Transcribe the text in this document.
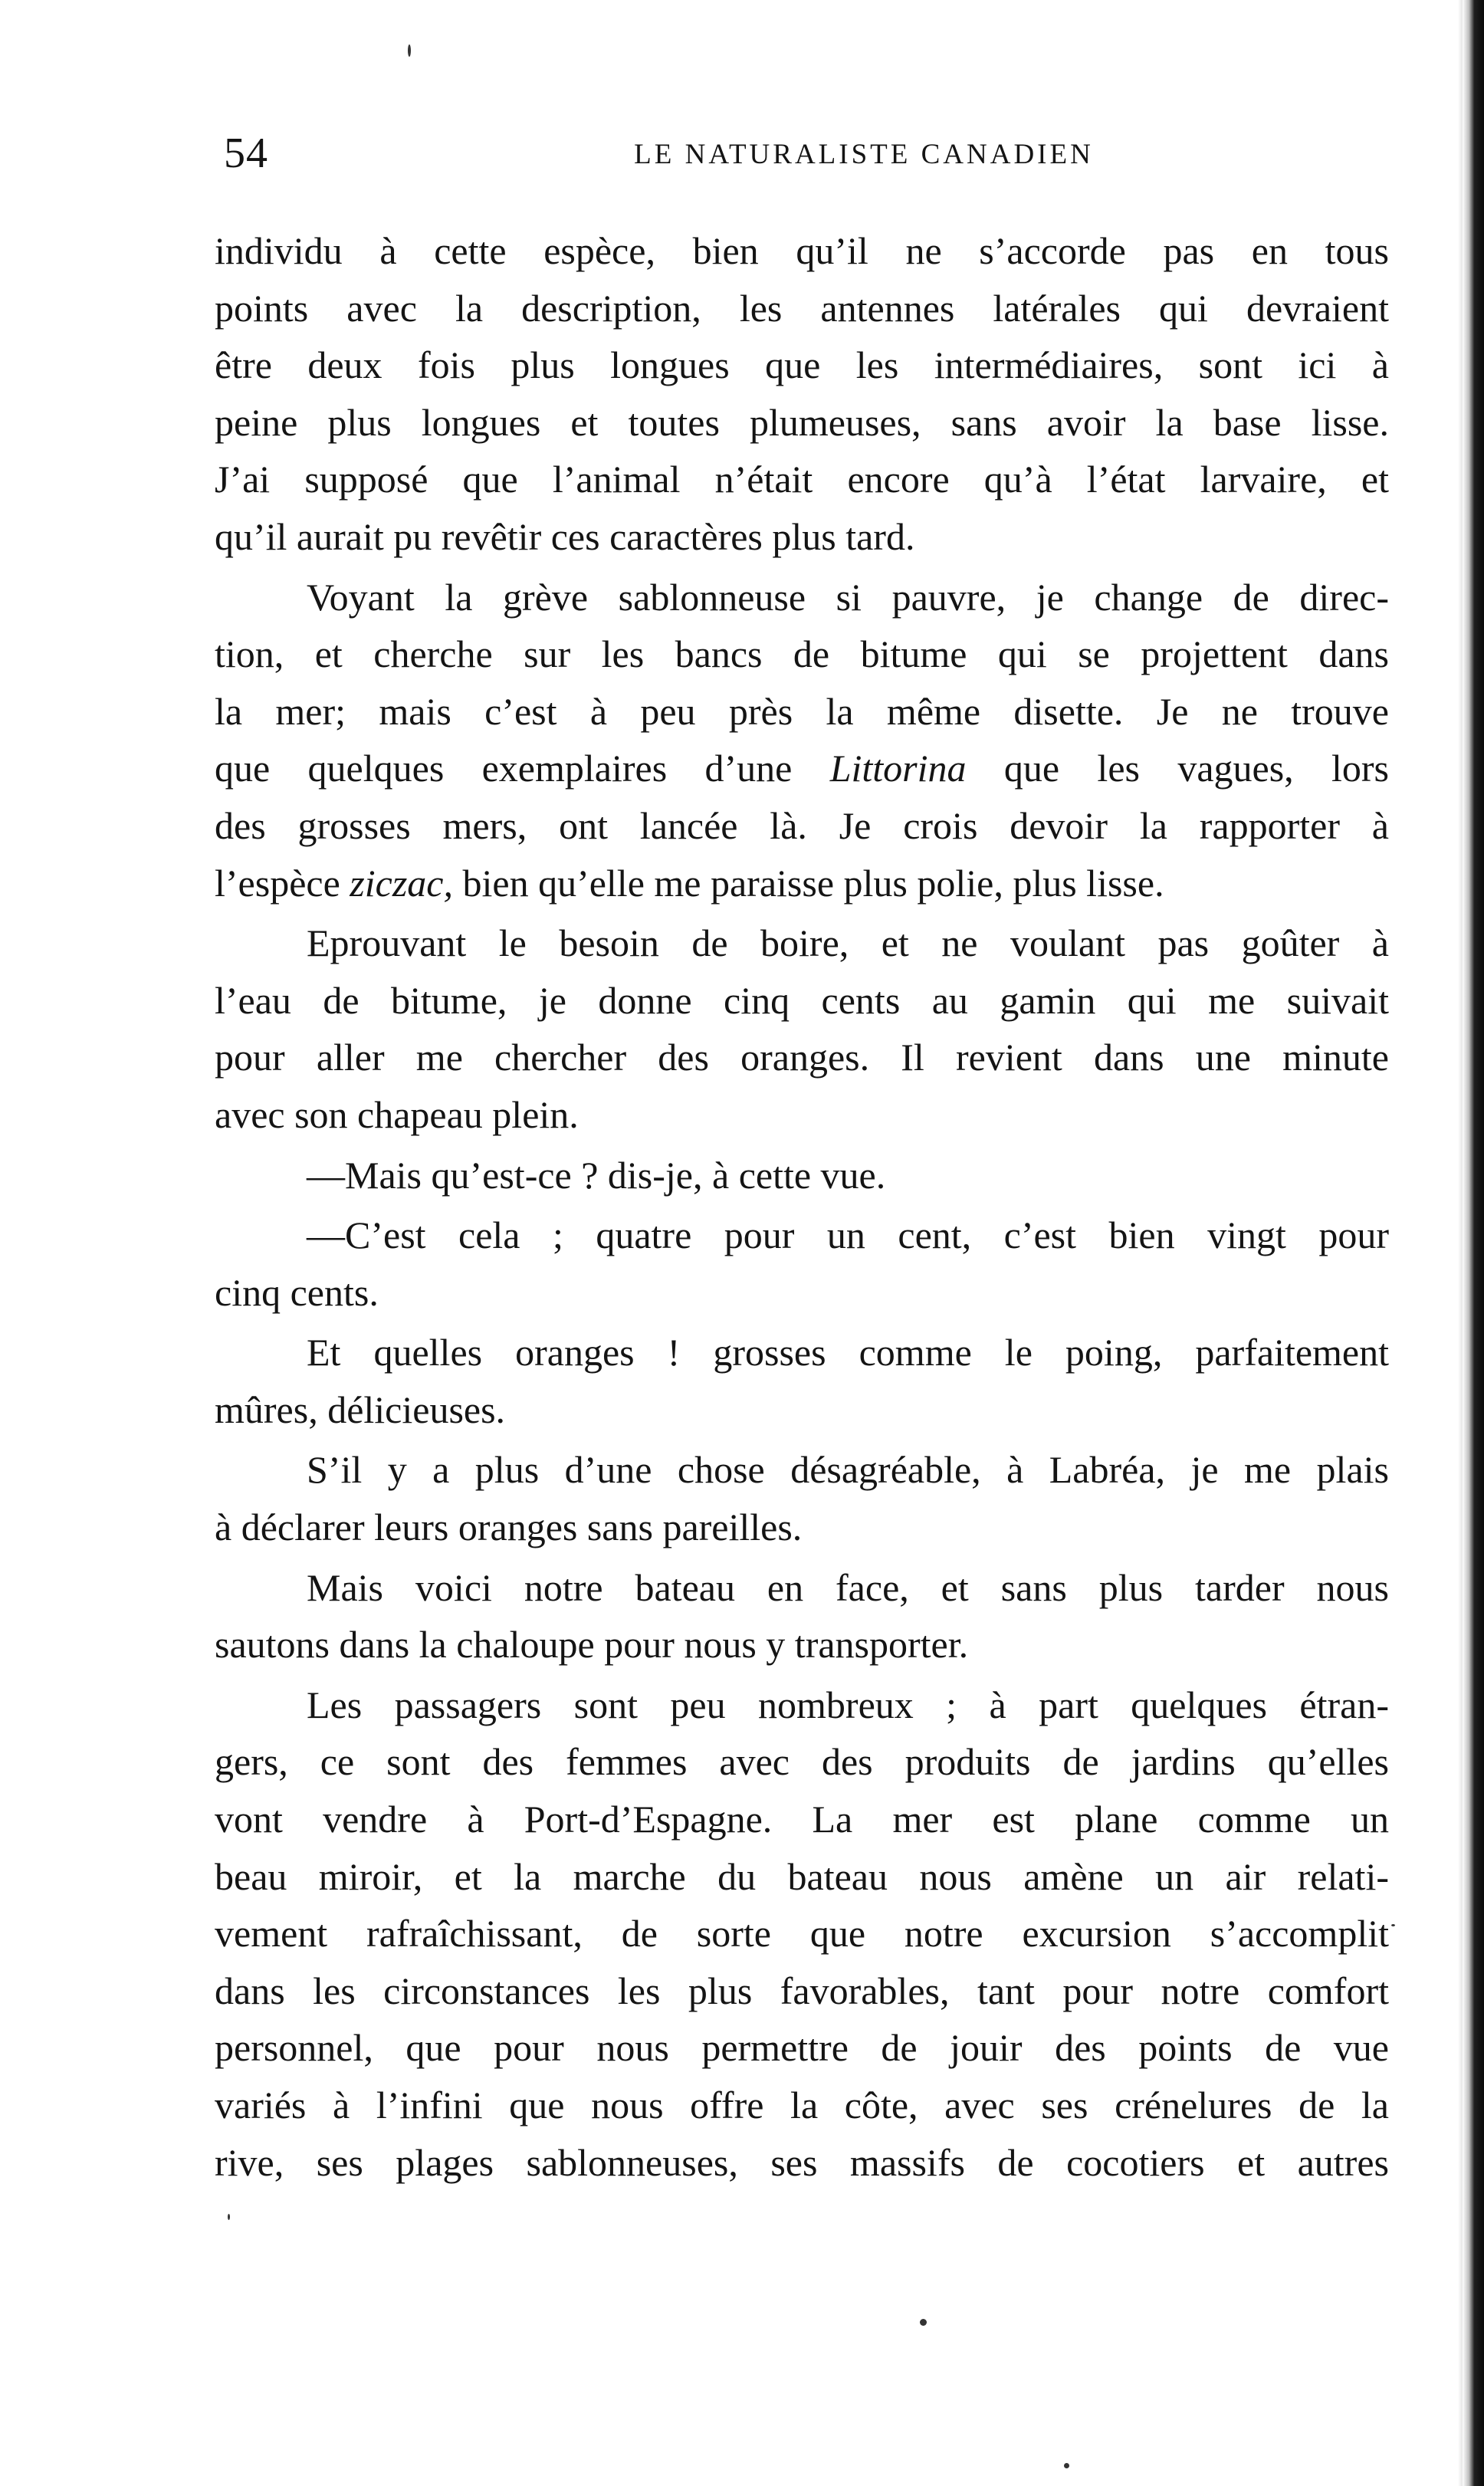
54	LE NATURALISTE CANADIEN
individu à cette espèce, bien qu’il ne s’accorde pas en tous
points avec la description, les antennes latérales qui devraient
être deux fois plus longues que les intermédiaires, sont ici à
peine plus longues et toutes plumeuses, sans avoir la base lisse.
J’ai supposé que l’animal n’était encore qu’à l’état larvaire, et
qu’il aurait pu revêtir ces caractères plus tard.
Voyant la grève sablonneuse si pauvre, je change de direc-
tion, et cherche sur les bancs de bitume qui se projettent dans
la mer; mais c’est à peu près la même disette. Je ne trouve
que quelques exemplaires d’une Littorina que les vagues, lors
des grosses mers, ont lancée là. Je crois devoir la rapporter à
l’espèce ziczac, bien qu’elle me paraisse plus polie, plus lisse.
Eprouvant le besoin de boire, et ne voulant pas goûter à
l’eau de bitume, je donne cinq cents au gamin qui me suivait
pour aller me chercher des oranges. Il revient dans une minute
avec son chapeau plein.
—Mais qu’est-ce ? dis-je, à cette vue.
—C’est cela ; quatre pour un cent, c’est bien vingt pour
cinq cents.
Et quelles oranges ! grosses comme le poing, parfaitement
mûres, délicieuses.
S’il y a plus d’une chose désagréable, à Labréa, je me plais
à déclarer leurs oranges sans pareilles.
Mais voici notre bateau en face, et sans plus tarder nous
sautons dans la chaloupe pour nous y transporter.
Les passagers sont peu nombreux ; à part quelques étran-
gers, ce sont des femmes avec des produits de jardins qu’elles
vont vendre à Port-d’Espagne. La mer est plane comme un
beau miroir, et la marche du bateau nous amène un air relati-
vement rafraîchissant, de sorte que notre excursion s’accomplit
dans les circonstances les plus favorables, tant pour notre comfort
personnel, que pour nous permettre de jouir des points de vue
variés à l’infini que nous offre la côte, avec ses crénelures de la
rive, ses plages sablonneuses, ses massifs de cocotiers et autres
